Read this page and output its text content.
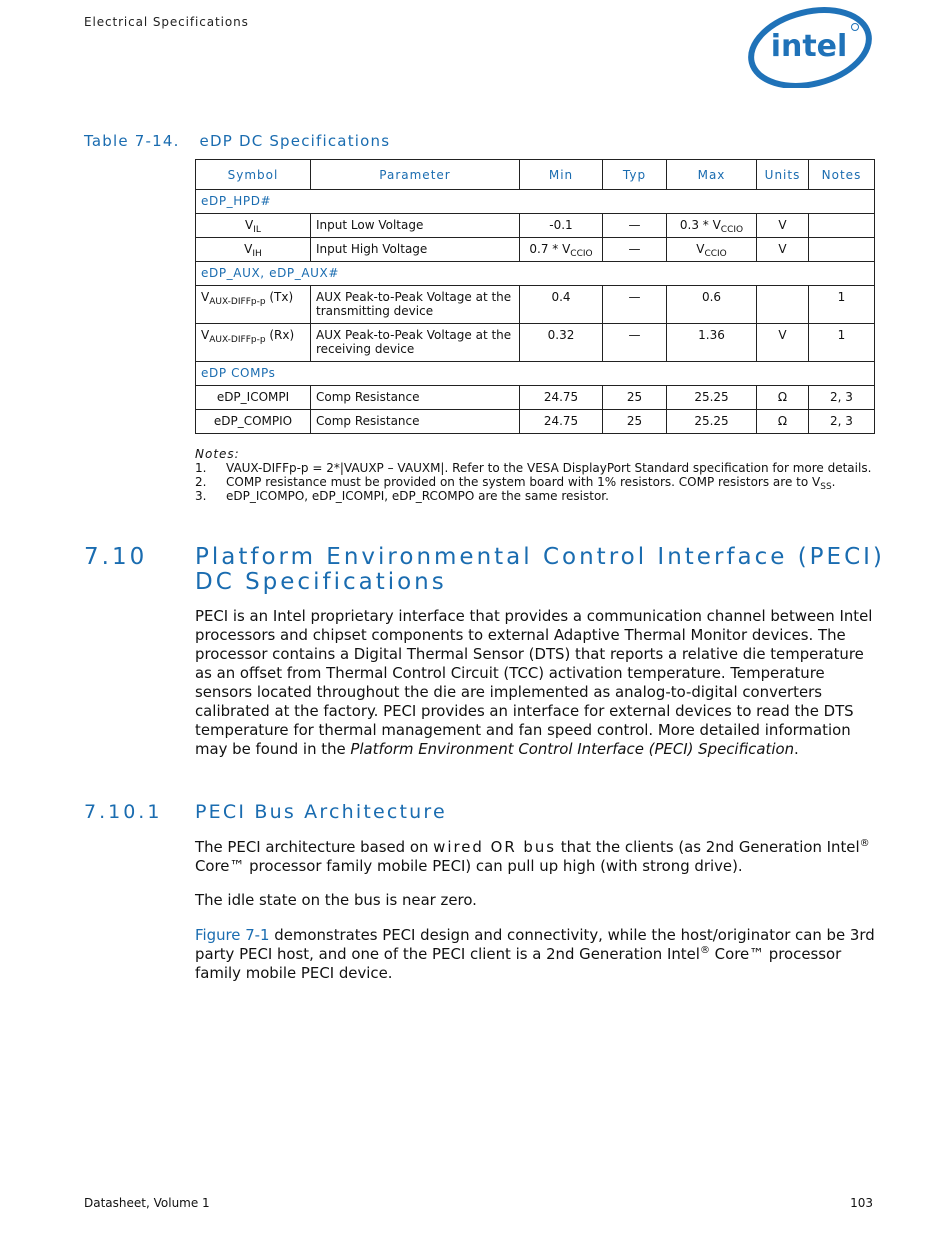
Electrical Specifications
intel
Table 7-14. eDP DC Specifications
Symbol	Parameter	Min	Typ	Max	Units	Notes
eDP_HPD#						
$V_{IL}$	Input Low Voltage	-0.1	—	$0.3 * V_{CCIO}$	V	
$V_{IH}$	Input High Voltage	$0.7 * V_{CCIO}$	—	$V_{CCIO}$	V	
eDP_AUX, eDP_AUX#						
$V_{AUX-DIFFp-p}$ (Tx)	AUX Peak-to-Peak Voltage at the transmitting device	0.4	—	0.6		1
$V_{AUX-DIFFp-p}$ (Rx)	AUX Peak-to-Peak Voltage at the receiving device	0.32	—	1.36	V	1
eDP COMPs						
eDP_ICOMPI	Comp Resistance	24.75	25	25.25	Ω	2, 3
eDP_COMPIO	Comp Resistance	24.75	25	25.25	Ω	2, 3
Notes:
1. VAUX-DIFFp-p = 2*|VAUXP – VAUXM|. Refer to the VESA DisplayPort Standard specification for more details.
2. COMP resistance must be provided on the system board with 1% resistors. COMP resistors are to $V_{SS}$.
3. eDP_ICOMPO, eDP_ICOMPI, eDP_RCOMPO are the same resistor.
7.10 Platform Environmental Control Interface (PECI)
DC Specifications
PECI is an Intel proprietary interface that provides a communication channel between Intel processors and chipset components to external Adaptive Thermal Monitor devices. The processor contains a Digital Thermal Sensor (DTS) that reports a relative die temperature as an offset from Thermal Control Circuit (TCC) activation temperature. Temperature sensors located throughout the die are implemented as analog-to-digital converters calibrated at the factory. PECI provides an interface for external devices to read the DTS temperature for thermal management and fan speed control. More detailed information may be found in the Platform Environment Control Interface (PECI) Specification.
7.10.1 PECI Bus Architecture
The PECI architecture based on wired OR bus that the clients (as 2nd Generation Intel® Core™ processor family mobile PECI) can pull up high (with strong drive).
The idle state on the bus is near zero.
Figure 7-1 demonstrates PECI design and connectivity, while the host/originator can be 3rd party PECI host, and one of the PECI client is a 2nd Generation Intel® Core™ processor family mobile PECI device.
Datasheet, Volume 1	103
